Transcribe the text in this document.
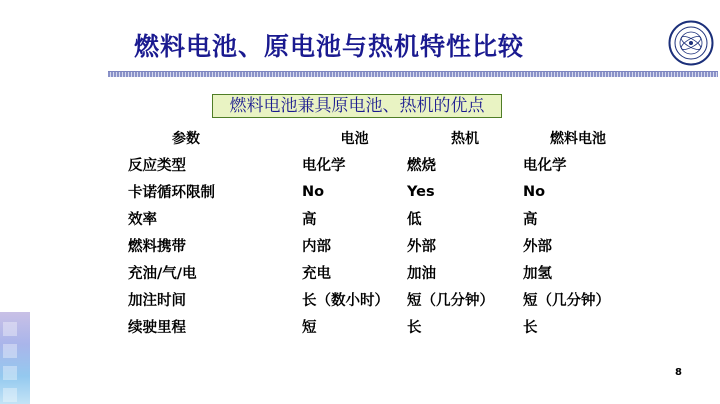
燃料电池、原电池与热机特性比较
燃料电池兼具原电池、热机的优点
参数	电池	热机	燃料电池
反应类型	电化学	燃烧	电化学
卡诺循环限制	No	Yes	No
效率	高	低	高
燃料携带	内部	外部	外部
充油/气/电	充电	加油	加氢
加注时间	长（数小时）	短（几分钟）	短（几分钟）
续驶里程	短	长	长
8
